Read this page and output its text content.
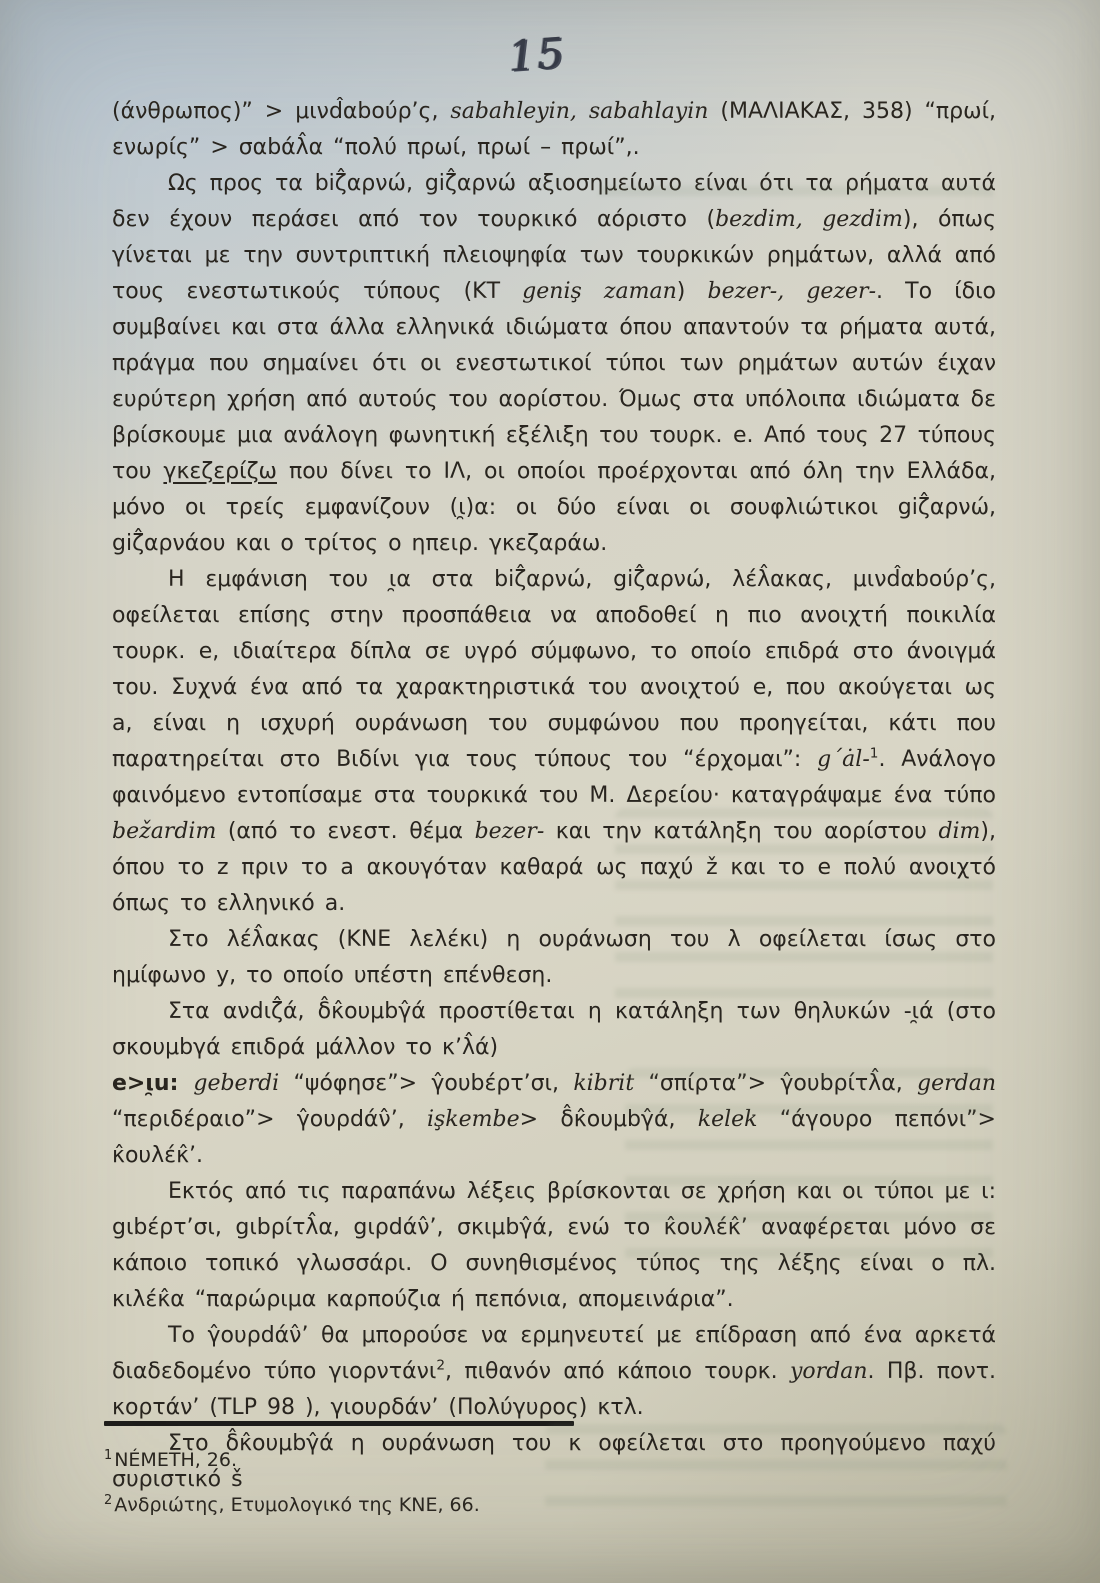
15

(άνθρωπος)” > μινd̂αboύρ’ς, sabahleyin, sabahlayin (ΜΑΛΙΑΚΑΣ, 358) “πρωί, ενωρίς” > σαbάλ̂α “πολύ πρωί, πρωί – πρωί”,.

Ως προς τα biζ̂αρνώ, giζ̂αρνώ αξιοσημείωτο είναι ότι τα ρήματα αυτά δεν έχουν περάσει από τον τουρκικό αόριστο (bezdim, gezdim), όπως γίνεται με την συντριπτική πλειοψηφία των τουρκικών ρημάτων, αλλά από τους ενεστωτικούς τύπους (ΚΤ geniş zaman) bezer-, gezer-. Το ίδιο συμβαίνει και στα άλλα ελληνικά ιδιώματα όπου απαντούν τα ρήματα αυτά, πράγμα που σημαίνει ότι οι ενεστωτικοί τύποι των ρημάτων αυτών έιχαν ευρύτερη χρήση από αυτούς του αορίστου. Όμως στα υπόλοιπα ιδιώματα δε βρίσκουμε μια ανάλογη φωνητική εξέλιξη του τουρκ. e. Από τους 27 τύπους του γκεζερίζω που δίνει το ΙΛ, οι οποίοι προέρχονται από όλη την Ελλάδα, μόνο οι τρείς εμφανίζουν (ι̯)α: οι δύο είναι οι σουφλιώτικοι giζ̂αρνώ, giζ̂αρνάου και ο τρίτος ο ηπειρ. γκεζαράω.

Η εμφάνιση του ι̯α στα biζ̂αρνώ, giζ̂αρνώ, λέλ̂ακας, μινd̂αboύρ’ς, οφείλεται επίσης στην προσπάθεια να αποδοθεί η πιο ανοιχτή ποικιλία τουρκ. e, ιδιαίτερα δίπλα σε υγρό σύμφωνο, το οποίο επιδρά στο άνοιγμά του. Συχνά ένα από τα χαρακτηριστικά του ανοιχτού e, που ακούγεται ως a, είναι η ισχυρή ουράνωση του συμφώνου που προηγείται, κάτι που παρατηρείται στο Βιδίνι για τους τύπους του “έρχομαι”: g´ȧl-$^1$. Ανάλογο φαινόμενο εντοπίσαμε στα τουρκικά του Μ. Δερείου· καταγράψαμε ένα τύπο bežardim (από το ενεστ. θέμα bezer- και την κατάληξη του αορίστου dim), όπου το z πριν το a ακουγόταν καθαρά ως παχύ ž και το e πολύ ανοιχτό όπως το ελληνικό a.

Στο λέλ̂ακας (ΚΝΕ λελέκι) η ουράνωση του λ οφείλεται ίσως στο ημίφωνο y, το οποίο υπέστη επένθεση.

Στα ανdιζ̂ά, δ̂κ̂ουμbγ̂ά προστίθεται η κατάληξη των θηλυκών -ι̯ά (στο σκουμbγά επιδρά μάλλον το κ’λ̂ά)

e>ι̯u: geberdi “ψόφησε”> γ̂ουbέρτ’σι, kibrit “σπίρτα”> γ̂ουbρίτλ̂α, gerdan “περιδέραιο”> γ̂ουρdάν̂’, işkembe> δ̂κ̂ουμbγ̂ά, kelek “άγουρο πεπόνι”> κ̂ουλέκ̂’.

Εκτός από τις παραπάνω λέξεις βρίσκονται σε χρήση και οι τύποι με ι: gιbέρτ’σι, gιbρίτλ̂α, gιρdάν̂’, σκιμbγ̂ά, ενώ το κ̂ουλέκ̂’ αναφέρεται μόνο σε κάποιο τοπικό γλωσσάρι. Ο συνηθισμένος τύπος της λέξης είναι ο πλ. κιλέκ̂α “παρώριμα καρπούζια ή πεπόνια, απομεινάρια”.

Το γ̂ουρdάν̂’ θα μπορούσε να ερμηνευτεί με επίδραση από ένα αρκετά διαδεδομένο τύπο γιορντάνι$^2$, πιθανόν από κάποιο τουρκ. yordan. Πβ. ποντ. κορτάν’ (TLP 98 ), γιουρδάν’ (Πολύγυρος) κτλ.

Στο δ̂κ̂ουμbγ̂ά η ουράνωση του κ οφείλεται στο προηγούμενο παχύ συριστικό š

$^1$ NÉMETH, 26.

$^2$ Ανδριώτης, Ετυμολογικό της ΚΝΕ, 66.
